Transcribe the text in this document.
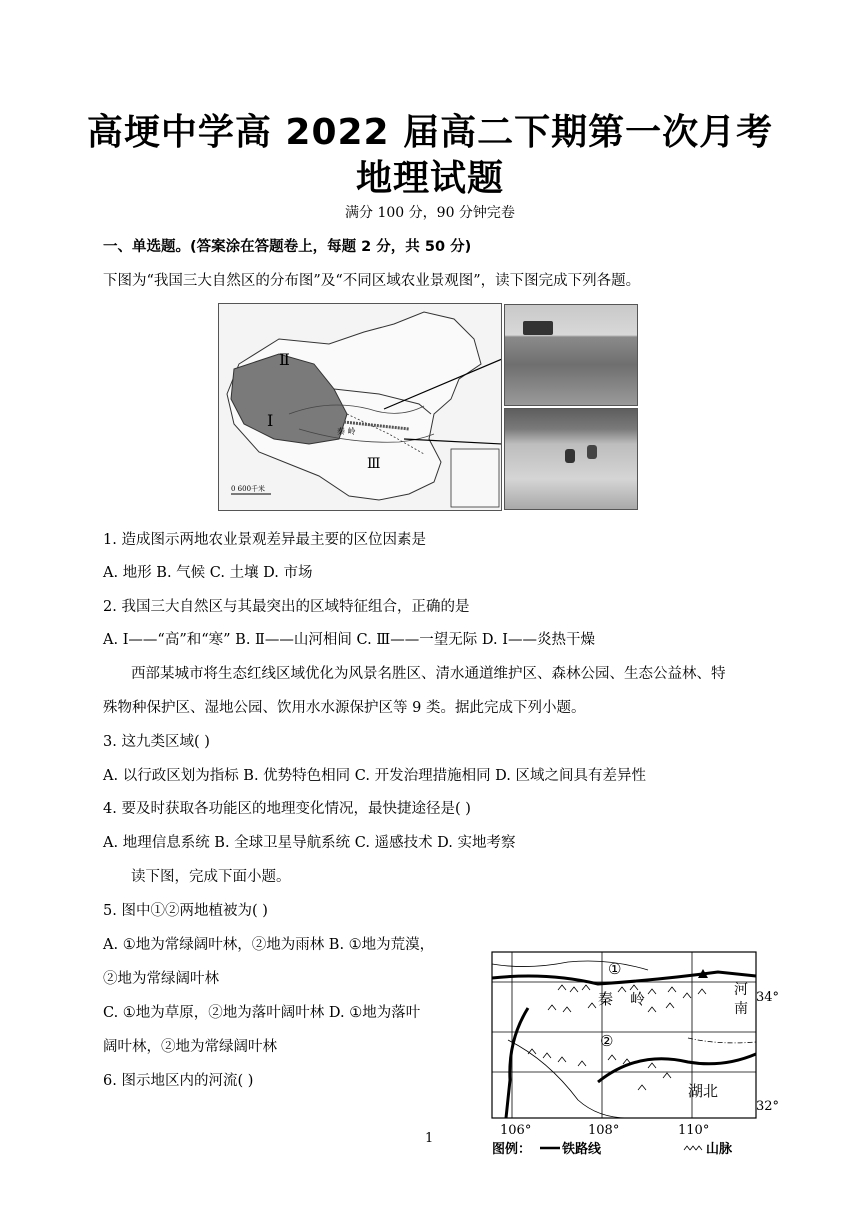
高埂中学高 2022 届高二下期第一次月考
地理试题
满分 100 分，90 分钟完卷
一、单选题。(答案涂在答题卷上，每题 2 分，共 50 分)
下图为“我国三大自然区的分布图”及“不同区域农业景观图”，读下图完成下列各题。
Ⅱ
Ⅰ
Ⅲ
秦 岭
0 600千米
1. 造成图示两地农业景观差异最主要的区位因素是
A. 地形 B. 气候 C. 土壤 D. 市场
2. 我国三大自然区与其最突出的区域特征组合，正确的是
A. Ⅰ——“高”和“寒” B. Ⅱ——山河相间 C. Ⅲ——一望无际 D. Ⅰ——炎热干燥
西部某城市将生态红线区域优化为风景名胜区、清水通道维护区、森林公园、生态公益林、特
殊物种保护区、湿地公园、饮用水水源保护区等 9 类。据此完成下列小题。
3. 这九类区域( )
A. 以行政区划为指标 B. 优势特色相同 C. 开发治理措施相同 D. 区域之间具有差异性
4. 要及时获取各功能区的地理变化情况，最快捷途径是( )
A. 地理信息系统 B. 全球卫星导航系统 C. 遥感技术 D. 实地考察
读下图，完成下面小题。
5. 图中①②两地植被为( )
A. ①地为常绿阔叶林，②地为雨林 B. ①地为荒漠，
②地为常绿阔叶林
C. ①地为草原，②地为落叶阔叶林 D. ①地为落叶
阔叶林，②地为常绿阔叶林
6. 图示地区内的河流( )
①
②
秦 岭	河
南
湖北
34°
32°
106°	108°	110°
图例： 铁路线	山脉
1
